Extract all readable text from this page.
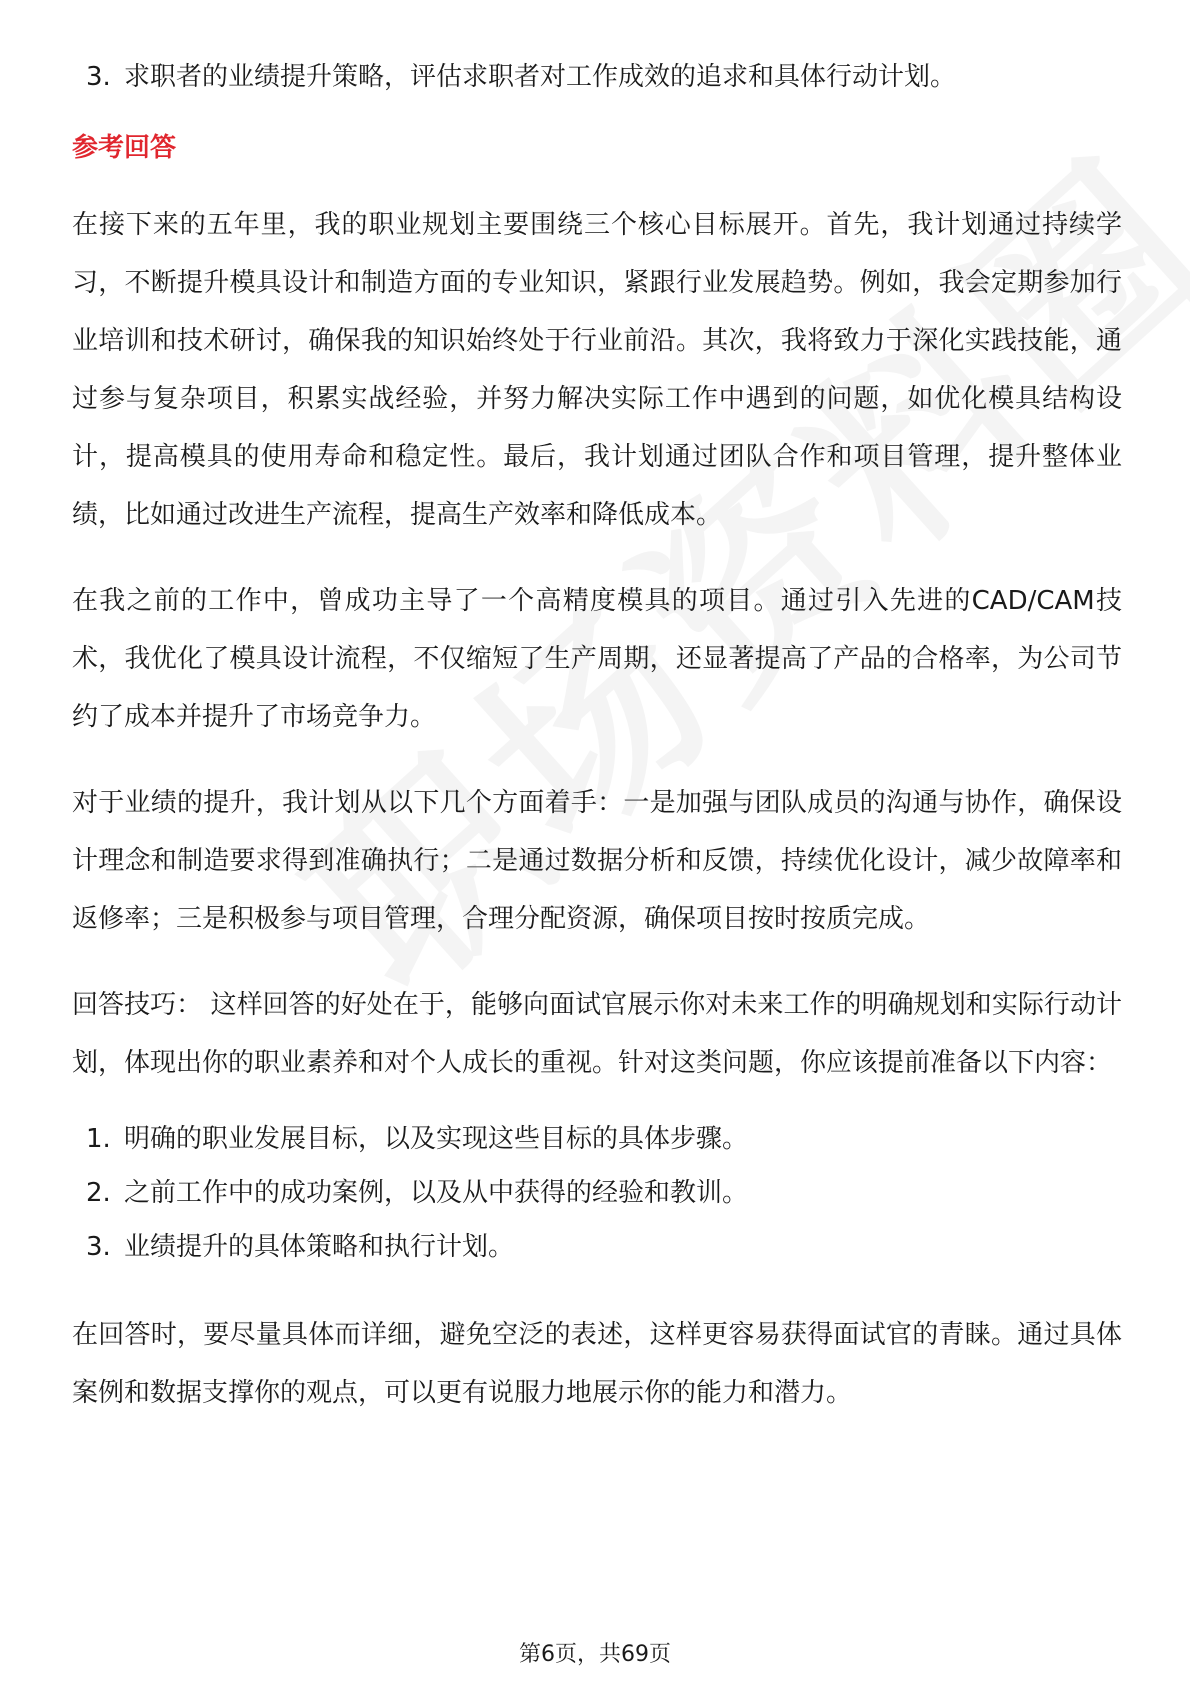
3. 求职者的业绩提升策略，评估求职者对工作成效的追求和具体行动计划。

参考回答

在接下来的五年里，我的职业规划主要围绕三个核心目标展开。首先，我计划通过持续学习，不断提升模具设计和制造方面的专业知识，紧跟行业发展趋势。例如，我会定期参加行业培训和技术研讨，确保我的知识始终处于行业前沿。其次，我将致力于深化实践技能，通过参与复杂项目，积累实战经验，并努力解决实际工作中遇到的问题，如优化模具结构设计，提高模具的使用寿命和稳定性。最后，我计划通过团队合作和项目管理，提升整体业绩，比如通过改进生产流程，提高生产效率和降低成本。

在我之前的工作中，曾成功主导了一个高精度模具的项目。通过引入先进的CAD/CAM技术，我优化了模具设计流程，不仅缩短了生产周期，还显著提高了产品的合格率，为公司节约了成本并提升了市场竞争力。

对于业绩的提升，我计划从以下几个方面着手：一是加强与团队成员的沟通与协作，确保设计理念和制造要求得到准确执行；二是通过数据分析和反馈，持续优化设计，减少故障率和返修率；三是积极参与项目管理，合理分配资源，确保项目按时按质完成。

回答技巧： 这样回答的好处在于，能够向面试官展示你对未来工作的明确规划和实际行动计划，体现出你的职业素养和对个人成长的重视。针对这类问题，你应该提前准备以下内容：

1. 明确的职业发展目标，以及实现这些目标的具体步骤。
2. 之前工作中的成功案例，以及从中获得的经验和教训。
3. 业绩提升的具体策略和执行计划。

在回答时，要尽量具体而详细，避免空泛的表述，这样更容易获得面试官的青睐。通过具体案例和数据支撑你的观点，可以更有说服力地展示你的能力和潜力。

第6页，共69页
